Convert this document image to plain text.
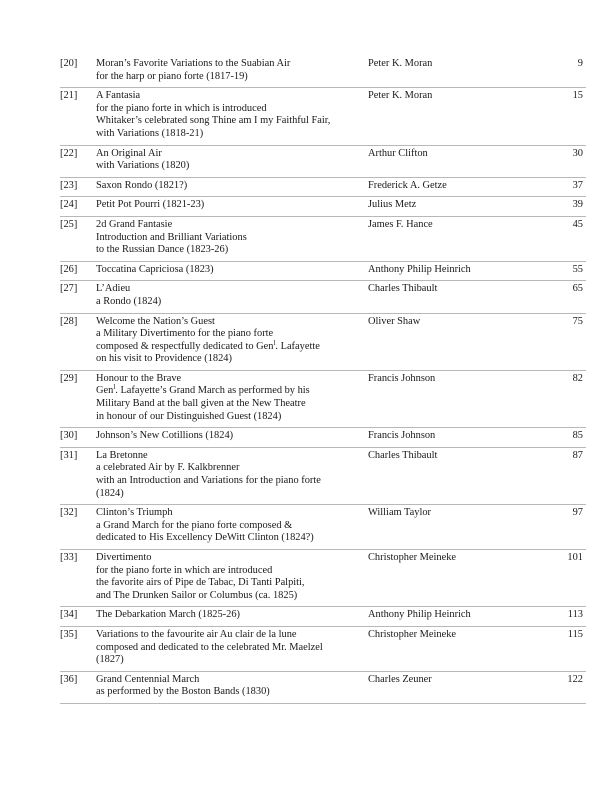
[20]	Moran’s Favorite Variations to the Suabian Air
for the harp or piano forte (1817-19)
Peter K. Moran	9
[21]	A Fantasia
for the piano forte in which is introduced
Whitaker’s celebrated song Thine am I my Faithful Fair,
with Variations (1818-21)
Peter K. Moran	15
[22]	An Original Air
with Variations (1820)
Arthur Clifton	30
[23]	Saxon Rondo (1821?)	Frederick A. Getze	37
[24]	Petit Pot Pourri (1821-23)	Julius Metz	39
[25]	2d Grand Fantasie
Introduction and Brilliant Variations
to the Russian Dance (1823-26)
James F. Hance	45
[26]	Toccatina Capriciosa (1823)	Anthony Philip Heinrich	55
[27]	L’Adieu
a Rondo (1824)
Charles Thibault	65
[28]	Welcome the Nation’s Guest
a Military Divertimento for the piano forte
composed & respectfully dedicated to Gen$^l$. Lafayette
on his visit to Providence (1824)
Oliver Shaw	75
[29]	Honour to the Brave
Gen$^l$. Lafayette’s Grand March as performed by his
Military Band at the ball given at the New Theatre
in honour of our Distinguished Guest (1824)
Francis Johnson	82
[30]	Johnson’s New Cotillions (1824)	Francis Johnson	85
[31]	La Bretonne
a celebrated Air by F. Kalkbrenner
with an Introduction and Variations for the piano forte
(1824)
Charles Thibault	87
[32]	Clinton’s Triumph
a Grand March for the piano forte composed &
dedicated to His Excellency DeWitt Clinton (1824?)
William Taylor	97
[33]	Divertimento
for the piano forte in which are introduced
the favorite airs of Pipe de Tabac, Di Tanti Palpiti,
and The Drunken Sailor or Columbus (ca. 1825)
Christopher Meineke	101
[34]	The Debarkation March (1825-26)	Anthony Philip Heinrich	113
[35]	Variations to the favourite air Au clair de la lune
composed and dedicated to the celebrated Mr. Maelzel
(1827)
Christopher Meineke	115
[36]	Grand Centennial March
as performed by the Boston Bands (1830)
Charles Zeuner	122
